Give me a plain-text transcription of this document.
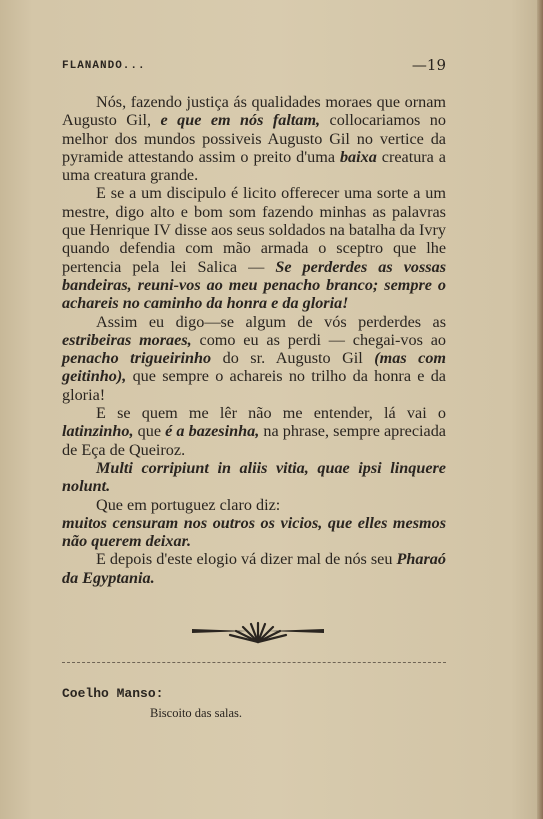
FLANANDO...	—19

Nós, fazendo justiça ás qualidades moraes que ornam Augusto Gil, e que em nós faltam, collocariamos no melhor dos mundos possiveis Augusto Gil no vertice da pyramide attestando assim o preito d'uma baixa creatura a uma creatura grande.

E se a um discipulo é licito offerecer uma sorte a um mestre, digo alto e bom som fazendo minhas as palavras que Henrique IV disse aos seus soldados na batalha da Ivry quando defendia com mão armada o sceptro que lhe pertencia pela lei Salica — Se perderdes as vossas bandeiras, reuni-vos ao meu penacho branco; sempre o achareis no caminho da honra e da gloria!

Assim eu digo—se algum de vós perderdes as estribeiras moraes, como eu as perdi — chegai-vos ao penacho trigueirinho do sr. Augusto Gil (mas com geitinho), que sempre o achareis no trilho da honra e da gloria!

E se quem me lêr não me entender, lá vai o latinzinho, que é a bazesinha, na phrase, sempre apreciada de Eça de Queiroz.

Multi corripiunt in aliis vitia, quae ipsi linquere nolunt.

Que em portuguez claro diz:

muitos censuram nos outros os vicios, que elles mesmos não querem deixar.

E depois d'este elogio vá dizer mal de nós seu Pharaó da Egyptania.

Coelho Manso:
Biscoito das salas.
